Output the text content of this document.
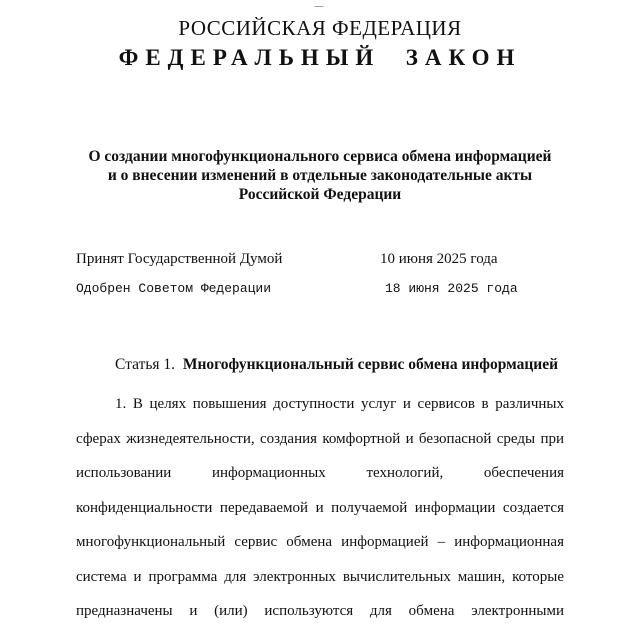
РОССИЙСКАЯ ФЕДЕРАЦИЯ
ФЕДЕРАЛЬНЫЙ  ЗАКОН
О создании многофункционального сервиса обмена информацией
и о внесении изменений в отдельные законодательные акты
Российской Федерации
Принят Государственной Думой	10 июня 2025 года
Одобрен Советом Федерации	18 июня 2025 года
Статья 1. Многофункциональный сервис обмена информацией
1. В целях повышения доступности услуг и сервисов в различных
сферах жизнедеятельности, создания комфортной и безопасной среды при
использовании информационных технологий, обеспечения
конфиденциальности передаваемой и получаемой информации создается
многофункциональный сервис обмена информацией – информационная
система и программа для электронных вычислительных машин, которые
предназначены и (или) используются для обмена электронными
